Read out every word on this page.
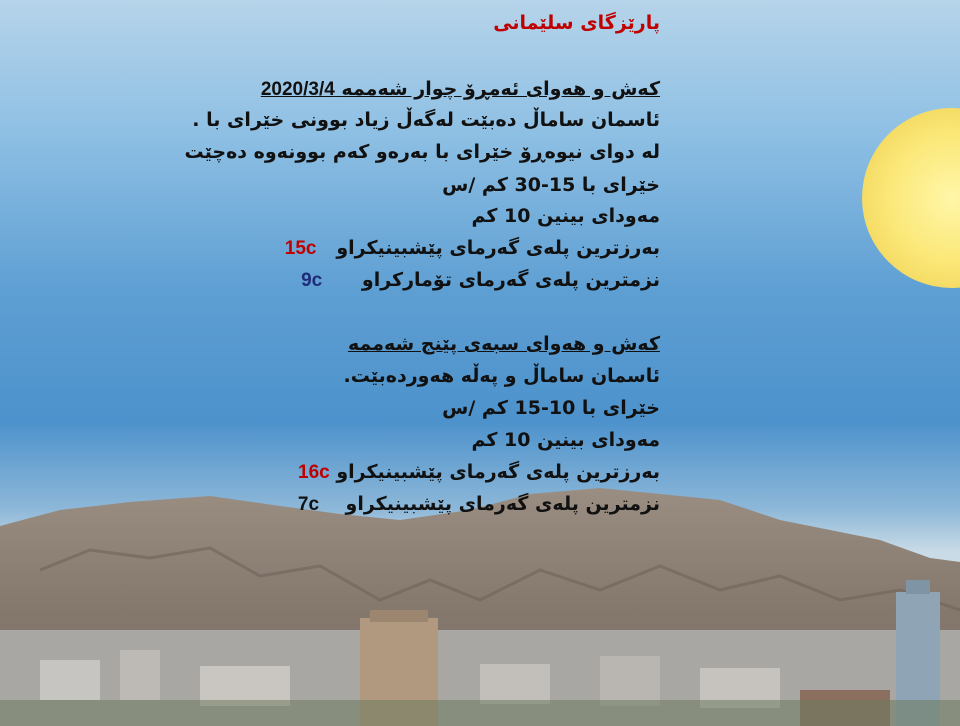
پارێزگای سلێمانی
کەش و هەوای ئەمڕۆ چوار شەممە 2020/3/4
ئاسمان ساماڵ دەبێت لەگەڵ زیاد بوونی خێرای با .
لە دوای نیوەڕۆ خێرای با بەرەو کەم بوونەوە دەچێت
خێرای با 15-30 کم /س
مەودای بینین 10 کم
بەرزترین پلەی گەرمای پێشبینیکراو   15c
نزمترین پلەی گەرمای تۆمارکراو      9c
کەش و هەوای سبەی پێنج شەممە
ئاسمان ساماڵ و پەڵە هەوردەبێت.
خێرای با 10-15 کم /س
مەودای بینین 10 کم
بەرزترین پلەی گەرمای پێشبینیکراو 16c
نزمترین پلەی گەرمای پێشبینیکراو    7c
